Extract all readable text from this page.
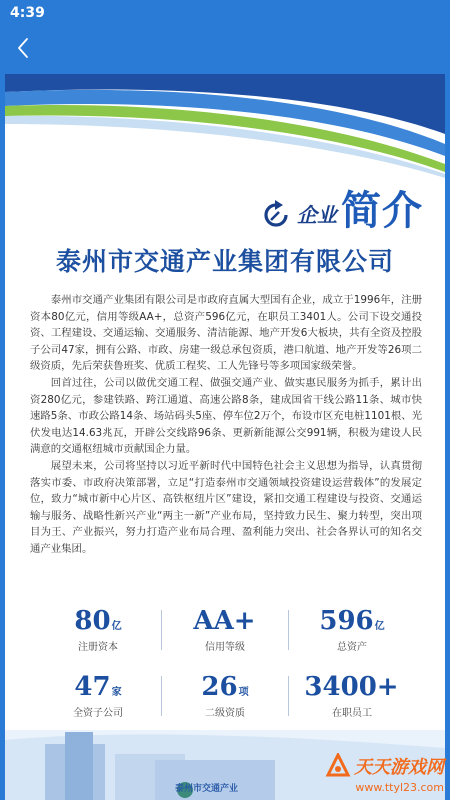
4:39
企业 简介
泰州市交通产业集团有限公司

泰州市交通产业集团有限公司是市政府直属大型国有企业，成立于1996年，注册资本80亿元，信用等级AA+，总资产596亿元，在职员工3401人。公司下设交通投资、工程建设、交通运输、交通服务、清洁能源、地产开发6大板块，共有全资及控股子公司47家，拥有公路、市政、房建一级总承包资质，港口航道、地产开发等26项二级资质，先后荣获鲁班奖、优质工程奖、工人先锋号等多项国家级荣誉。

回首过往，公司以做优交通工程、做强交通产业、做实惠民服务为抓手，累计出资280亿元，参建铁路、跨江通道、高速公路8条，建成国省干线公路11条、城市快速路5条、市政公路14条、场站码头5座、停车位2万个，布设市区充电桩1101根、光伏发电达14.63兆瓦，开辟公交线路96条、更新新能源公交991辆，积极为建设人民满意的交通枢纽城市贡献国企力量。

展望未来，公司将坚持以习近平新时代中国特色社会主义思想为指导，认真贯彻落实市委、市政府决策部署，立足“打造泰州市交通领域投资建设运营载体”的发展定位，致力“城市新中心片区、高铁枢纽片区”建设，紧扣交通工程建设与投资、交通运输与服务、战略性新兴产业“两主一新”产业布局，坚持致力民生、聚力转型，突出项目为王、产业振兴，努力打造产业布局合理、盈利能力突出、社会各界认可的知名交通产业集团。

80亿
注册资本
AA+
信用等级
596亿
总资产
47家
全资子公司
26项
二级资质
3400+
在职员工
泰州市交通产业
天天游戏网
www.ttyl23.com
